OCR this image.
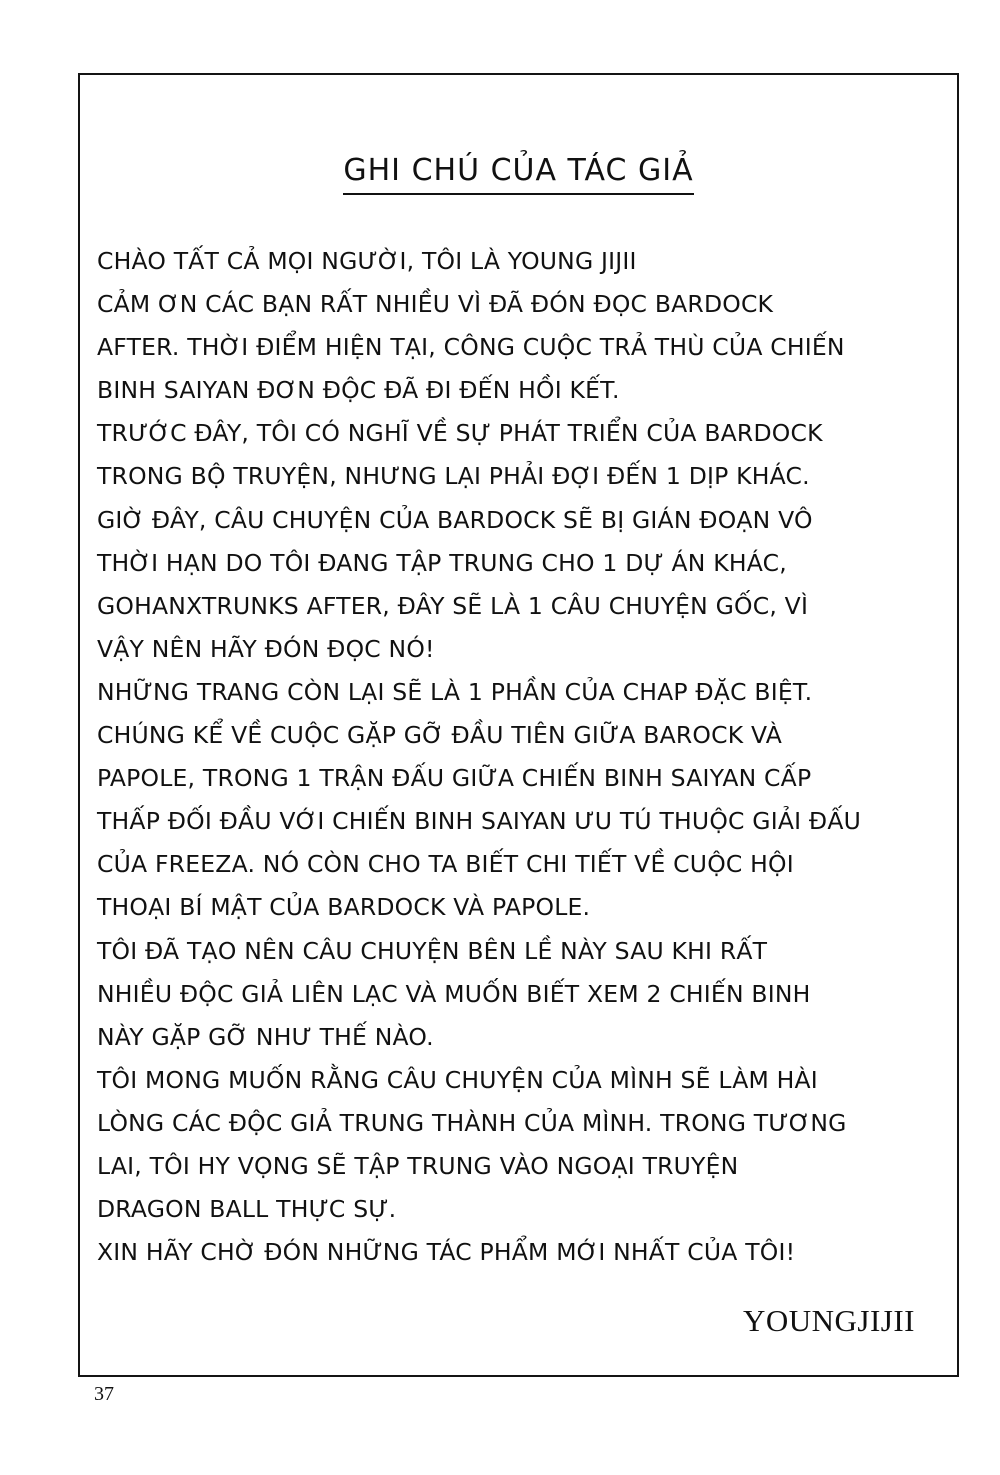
GHI CHÚ CỦA TÁC GIẢ
CHÀO TẤT CẢ MỌI NGƯỜI, TÔI LÀ YOUNG JIJII
CẢM ƠN CÁC BẠN RẤT NHIỀU VÌ ĐÃ ĐÓN ĐỌC BARDOCK
AFTER. THỜI ĐIỂM HIỆN TẠI, CÔNG CUỘC TRẢ THÙ CỦA CHIẾN
BINH SAIYAN ĐƠN ĐỘC ĐÃ ĐI ĐẾN HỒI KẾT.
TRƯỚC ĐÂY, TÔI CÓ NGHĨ VỀ SỰ PHÁT TRIỂN CỦA BARDOCK
TRONG BỘ TRUYỆN, NHƯNG LẠI PHẢI ĐỢI ĐẾN 1 DỊP KHÁC.
GIỜ ĐÂY, CÂU CHUYỆN CỦA BARDOCK SẼ BỊ GIÁN ĐOẠN VÔ
THỜI HẠN DO TÔI ĐANG TẬP TRUNG CHO 1 DỰ ÁN KHÁC,
GOHANXTRUNKS AFTER, ĐÂY SẼ LÀ 1 CÂU CHUYỆN GỐC, VÌ
VẬY NÊN HÃY ĐÓN ĐỌC NÓ!
NHỮNG TRANG CÒN LẠI SẼ LÀ 1 PHẦN CỦA CHAP ĐẶC BIỆT.
CHÚNG KỂ VỀ CUỘC GẶP GỠ ĐẦU TIÊN GIỮA BAROCK VÀ
PAPOLE, TRONG 1 TRẬN ĐẤU GIỮA CHIẾN BINH SAIYAN CẤP
THẤP ĐỐI ĐẦU VỚI CHIẾN BINH SAIYAN ƯU TÚ THUỘC GIẢI ĐẤU
CỦA FREEZA. NÓ CÒN CHO TA BIẾT CHI TIẾT VỀ CUỘC HỘI
THOẠI BÍ MẬT CỦA BARDOCK VÀ PAPOLE.
TÔI ĐÃ TẠO NÊN CÂU CHUYỆN BÊN LỀ NÀY SAU KHI RẤT
NHIỀU ĐỘC GIẢ LIÊN LẠC VÀ MUỐN BIẾT XEM 2 CHIẾN BINH
NÀY GẶP GỠ NHƯ THẾ NÀO.
TÔI MONG MUỐN RẰNG CÂU CHUYỆN CỦA MÌNH SẼ LÀM HÀI
LÒNG CÁC ĐỘC GIẢ TRUNG THÀNH CỦA MÌNH. TRONG TƯƠNG
LAI, TÔI HY VỌNG SẼ TẬP TRUNG VÀO NGOẠI TRUYỆN
DRAGON BALL THỰC SỰ.
XIN HÃY CHỜ ĐÓN NHỮNG TÁC PHẨM MỚI NHẤT CỦA TÔI!
YOUNGJIJII
37
